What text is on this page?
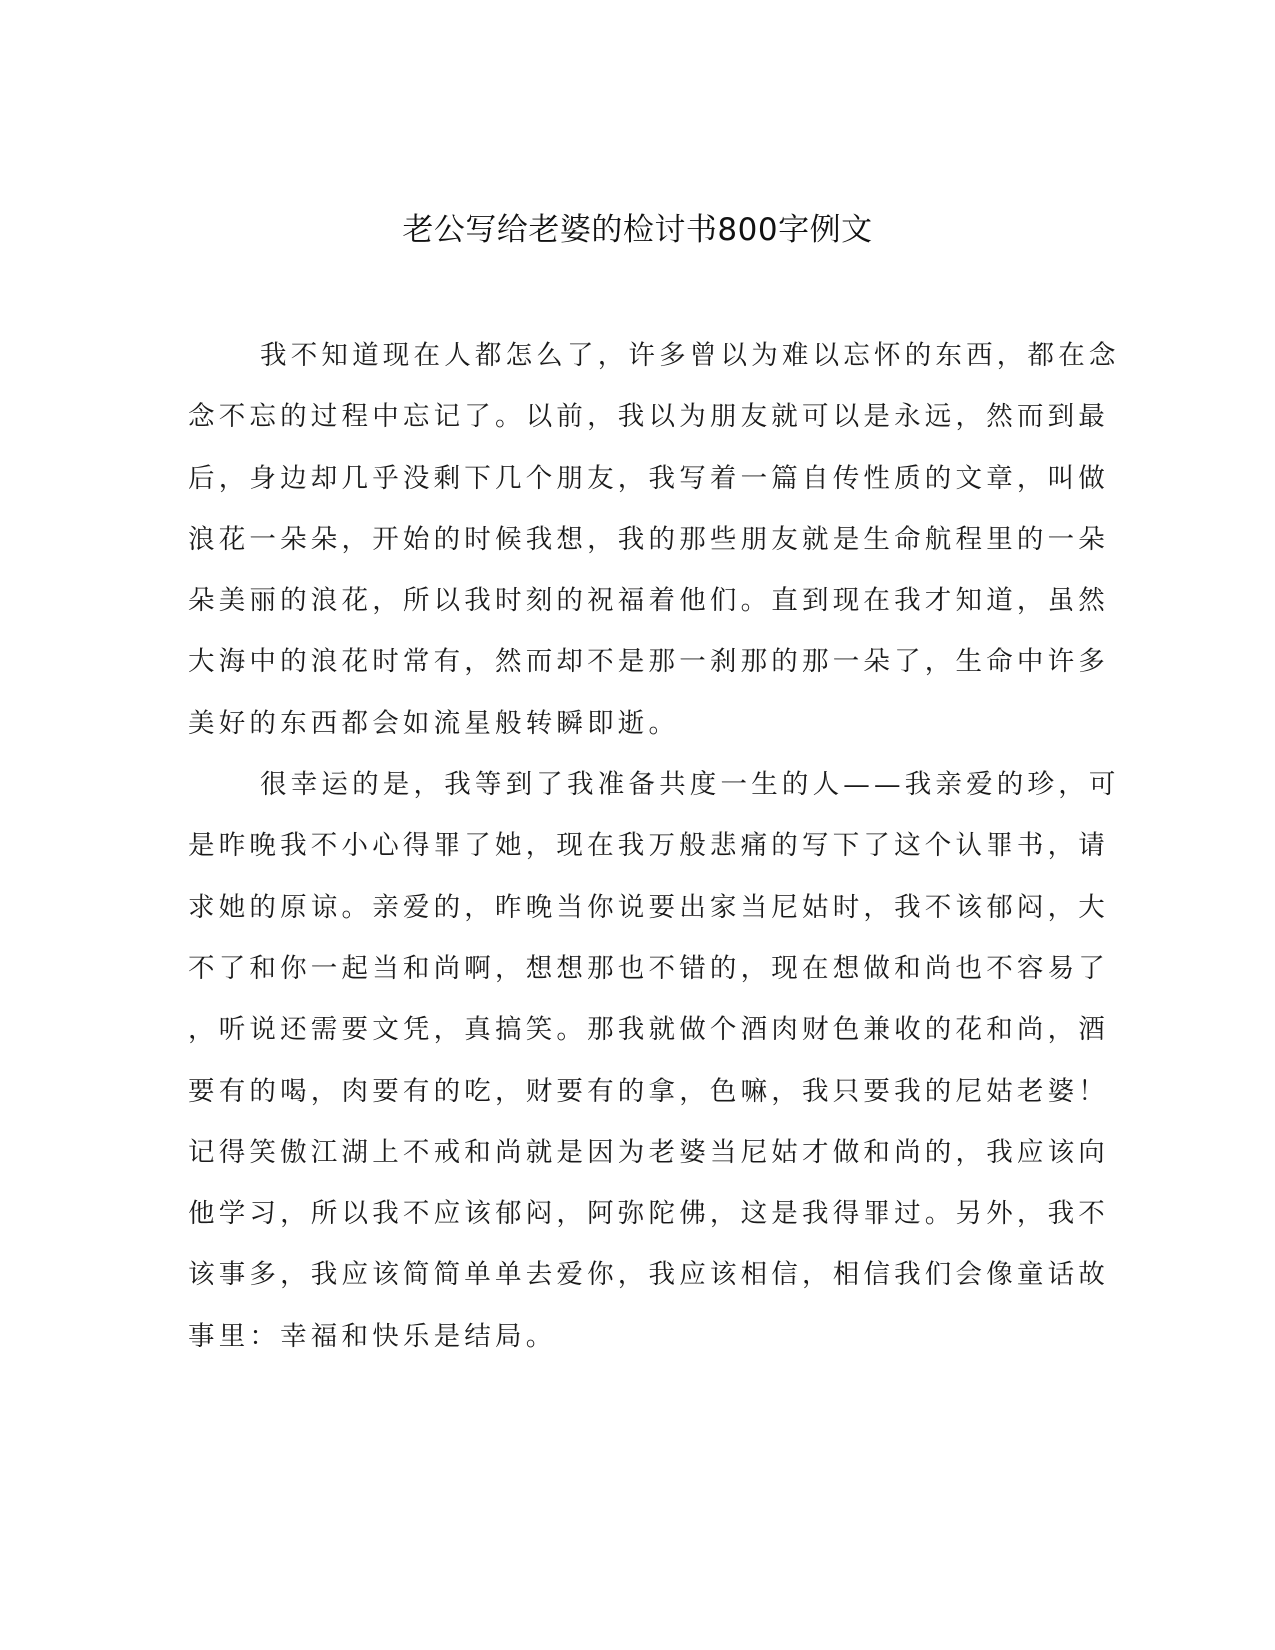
老公写给老婆的检讨书800字例文
我不知道现在人都怎么了，许多曾以为难以忘怀的东西，都在念
念不忘的过程中忘记了。以前，我以为朋友就可以是永远，然而到最
后，身边却几乎没剩下几个朋友，我写着一篇自传性质的文章，叫做
浪花一朵朵，开始的时候我想，我的那些朋友就是生命航程里的一朵
朵美丽的浪花，所以我时刻的祝福着他们。直到现在我才知道，虽然
大海中的浪花时常有，然而却不是那一刹那的那一朵了，生命中许多
美好的东西都会如流星般转瞬即逝。
很幸运的是，我等到了我准备共度一生的人——我亲爱的珍，可
是昨晚我不小心得罪了她，现在我万般悲痛的写下了这个认罪书，请
求她的原谅。亲爱的，昨晚当你说要出家当尼姑时，我不该郁闷，大
不了和你一起当和尚啊，想想那也不错的，现在想做和尚也不容易了
，听说还需要文凭，真搞笑。那我就做个酒肉财色兼收的花和尚，酒
要有的喝，肉要有的吃，财要有的拿，色嘛，我只要我的尼姑老婆！
记得笑傲江湖上不戒和尚就是因为老婆当尼姑才做和尚的，我应该向
他学习，所以我不应该郁闷，阿弥陀佛，这是我得罪过。另外，我不
该事多，我应该简简单单去爱你，我应该相信，相信我们会像童话故
事里：幸福和快乐是结局。
